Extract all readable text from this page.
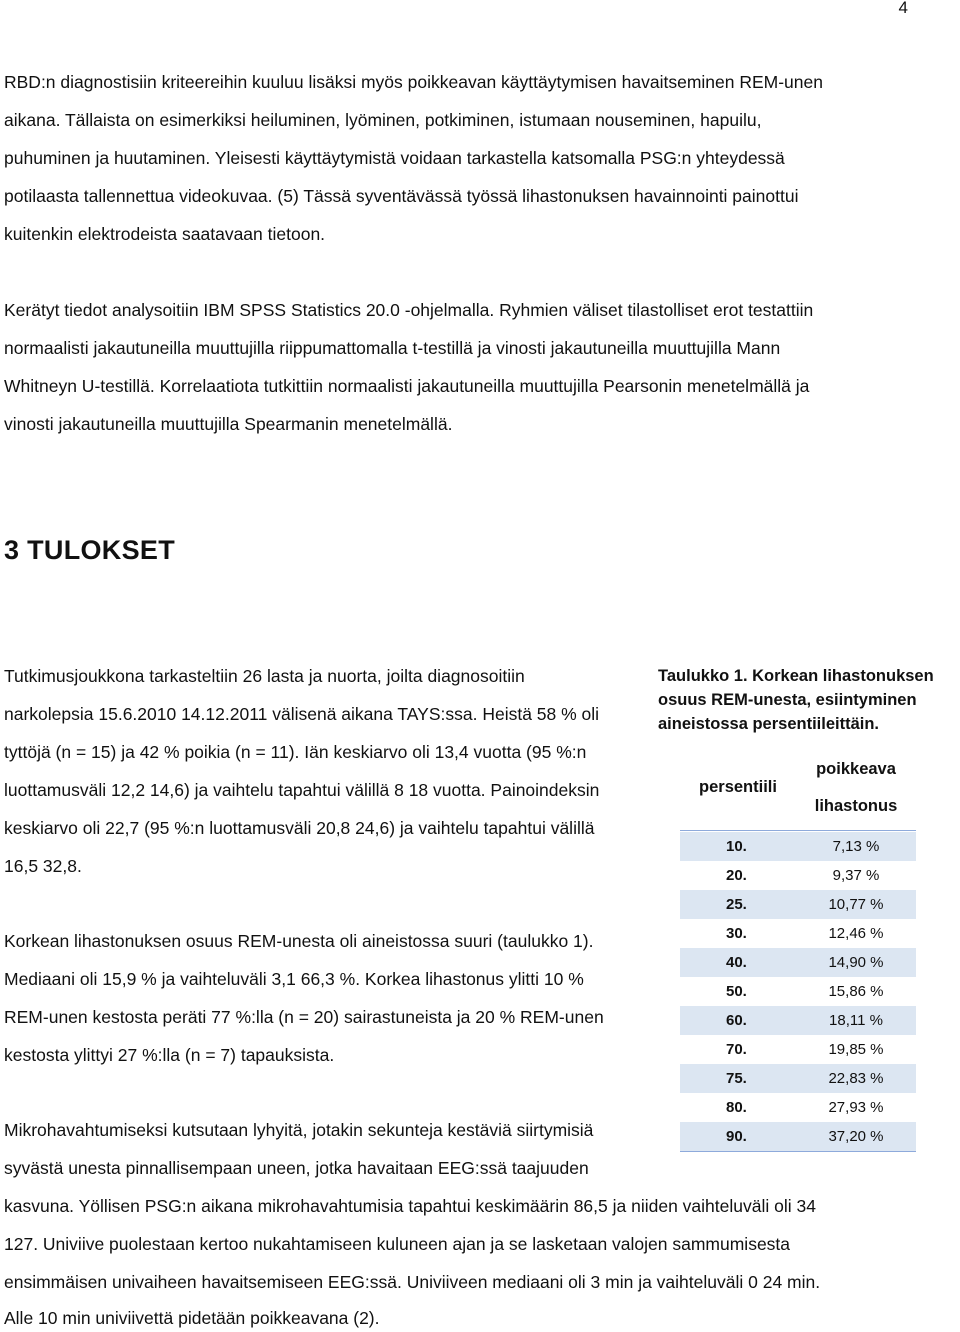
4
RBD:n diagnostisiin kriteereihin kuuluu lisäksi myös poikkeavan käyttäytymisen havaitseminen REM-unen
aikana. Tällaista on esimerkiksi heiluminen, lyöminen, potkiminen, istumaan nouseminen, hapuilu,
puhuminen ja huutaminen. Yleisesti käyttäytymistä voidaan tarkastella katsomalla PSG:n yhteydessä
potilaasta tallennettua videokuvaa. (5) Tässä syventävässä työssä lihastonuksen havainnointi painottui
kuitenkin elektrodeista saatavaan tietoon.
Kerätyt tiedot analysoitiin IBM SPSS Statistics 20.0 -ohjelmalla. Ryhmien väliset tilastolliset erot testattiin
normaalisti jakautuneilla muuttujilla riippumattomalla t-testillä ja vinosti jakautuneilla muuttujilla Mann
Whitneyn U-testillä. Korrelaatiota tutkittiin normaalisti jakautuneilla muuttujilla Pearsonin menetelmällä ja
vinosti jakautuneilla muuttujilla Spearmanin menetelmällä.
3 TULOKSET
Tutkimusjoukkona tarkasteltiin 26 lasta ja nuorta, joilta diagnosoitiin
narkolepsia 15.6.2010 14.12.2011 välisenä aikana TAYS:ssa. Heistä 58 % oli
tyttöjä (n = 15) ja 42 % poikia (n = 11). Iän keskiarvo oli 13,4 vuotta (95 %:n
luottamusväli 12,2 14,6) ja vaihtelu tapahtui välillä 8 18 vuotta. Painoindeksin
keskiarvo oli 22,7 (95 %:n luottamusväli 20,8 24,6) ja vaihtelu tapahtui välillä
16,5 32,8.
Korkean lihastonuksen osuus REM-unesta oli aineistossa suuri (taulukko 1).
Mediaani oli 15,9 % ja vaihteluväli 3,1 66,3 %. Korkea lihastonus ylitti 10 %
REM-unen kestosta peräti 77 %:lla (n = 20) sairastuneista ja 20 % REM-unen
kestosta ylittyi 27 %:lla (n = 7) tapauksista.
Mikrohavahtumiseksi kutsutaan lyhyitä, jotakin sekunteja kestäviä siirtymisiä
syvästä unesta pinnallisempaan uneen, jotka havaitaan EEG:ssä taajuuden
kasvuna. Yöllisen PSG:n aikana mikrohavahtumisia tapahtui keskimäärin 86,5 ja niiden vaihteluväli oli 34
127. Univiive puolestaan kertoo nukahtamiseen kuluneen ajan ja se lasketaan valojen sammumisesta
ensimmäisen univaiheen havaitsemiseen EEG:ssä. Univiiveen mediaani oli 3 min ja vaihteluväli 0 24 min.
Alle 10 min univiivettä pidetään poikkeavana (2).
Taulukko 1. Korkean lihastonuksen
osuus REM-unesta, esiintyminen
aineistossa persentiileittäin.
persentiili
poikkeava
lihastonus
10.	7,13 %
20.	9,37 %
25.	10,77 %
30.	12,46 %
40.	14,90 %
50.	15,86 %
60.	18,11 %
70.	19,85 %
75.	22,83 %
80.	27,93 %
90.	37,20 %
